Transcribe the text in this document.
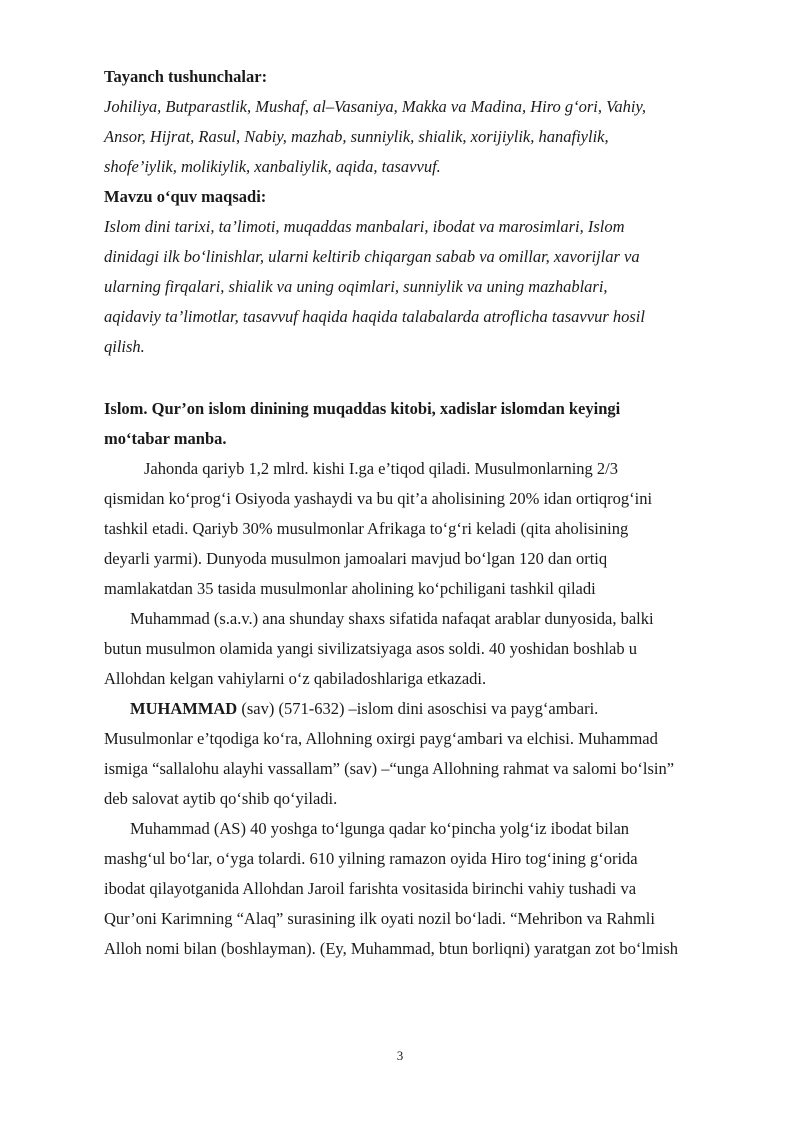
Tayanch tushunchalar:

Johiliya, Butparastlik, Mushaf, al–Vasaniya, Makka va Madina, Hiro g‘ori, Vahiy,
Ansor, Hijrat, Rasul, Nabiy, mazhab, sunniylik, shialik, xorijiylik, hanafiylik,
shofe’iylik, molikiylik, xanbaliylik, aqida, tasavvuf.

Mavzu o‘quv maqsadi:

Islom dini tarixi, ta’limoti, muqaddas manbalari, ibodat va marosimlari, Islom
dinidagi ilk bo‘linishlar, ularni keltirib chiqargan sabab va omillar, xavorijlar va
ularning firqalari, shialik va uning oqimlari, sunniylik va uning mazhablari,
aqidaviy ta’limotlar, tasavvuf haqida haqida talabalarda atroflicha tasavvur hosil
qilish.

Islom. Qur’on islom dinining muqaddas kitobi, xadislar islomdan keyingi
mo‘tabar manba.

Jahonda qariyb 1,2 mlrd. kishi I.ga e’tiqod qiladi. Musulmonlarning 2/3
qismidan ko‘prog‘i Osiyoda yashaydi va bu qit’a aholisining 20% idan ortiqrog‘ini
tashkil etadi. Qariyb 30% musulmonlar Afrikaga to‘g‘ri keladi (qita aholisining
deyarli yarmi). Dunyoda musulmon jamoalari mavjud bo‘lgan 120 dan ortiq
mamlakatdan 35 tasida musulmonlar aholining ko‘pchiligani tashkil qiladi

Muhammad (s.a.v.) ana shunday shaxs sifatida nafaqat arablar dunyosida, balki
butun musulmon olamida yangi sivilizatsiyaga asos soldi. 40 yoshidan boshlab u
Allohdan kelgan vahiylarni o‘z qabiladoshlariga etkazadi.

MUHAMMAD (sav) (571-632) –islom dini asoschisi va payg‘ambari.
Musulmonlar e’tqodiga ko‘ra, Allohning oxirgi payg‘ambari va elchisi. Muhammad
ismiga “sallalohu alayhi vassallam” (sav) –“unga Allohning rahmat va salomi bo‘lsin”
deb salovat aytib qo‘shib qo‘yiladi.

Muhammad (AS) 40 yoshga to‘lgunga qadar ko‘pincha yolg‘iz ibodat bilan
mashg‘ul bo‘lar, o‘yga tolardi. 610 yilning ramazon oyida Hiro tog‘ining g‘orida
ibodat qilayotganida Allohdan Jaroil farishta vositasida birinchi vahiy tushadi va
Qur’oni Karimning “Alaq” surasining ilk oyati nozil bo‘ladi. “Mehribon va Rahmli
Alloh nomi bilan (boshlayman). (Ey, Muhammad, btun borliqni) yaratgan zot bo‘lmish

3
